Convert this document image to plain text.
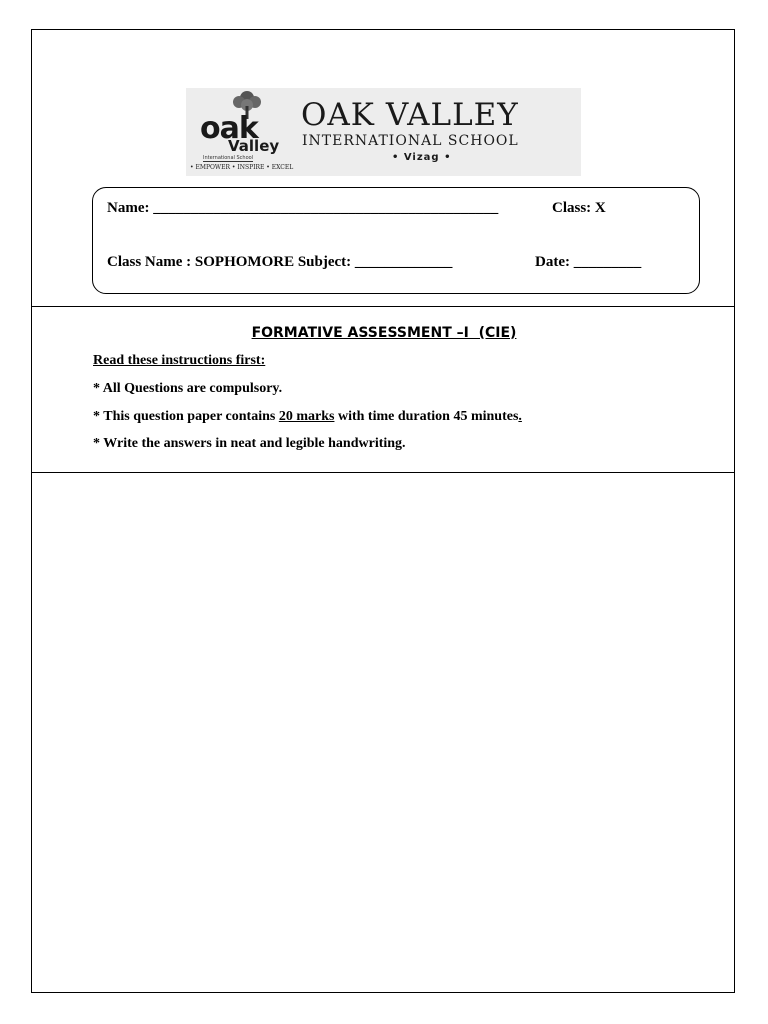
oak
Valley
International School
• EMPOWER • INSPIRE • EXCEL
OAK VALLEY
INTERNATIONAL SCHOOL
• Vizag •
Name: ______________________________________________	Class: X
Class Name : SOPHOMORE Subject: _____________	Date: _________
FORMATIVE ASSESSMENT –I  (CIE)
Read these instructions first:
* All Questions are compulsory.
* This question paper contains 20 marks with time duration 45 minutes.
* Write the answers in neat and legible handwriting.
